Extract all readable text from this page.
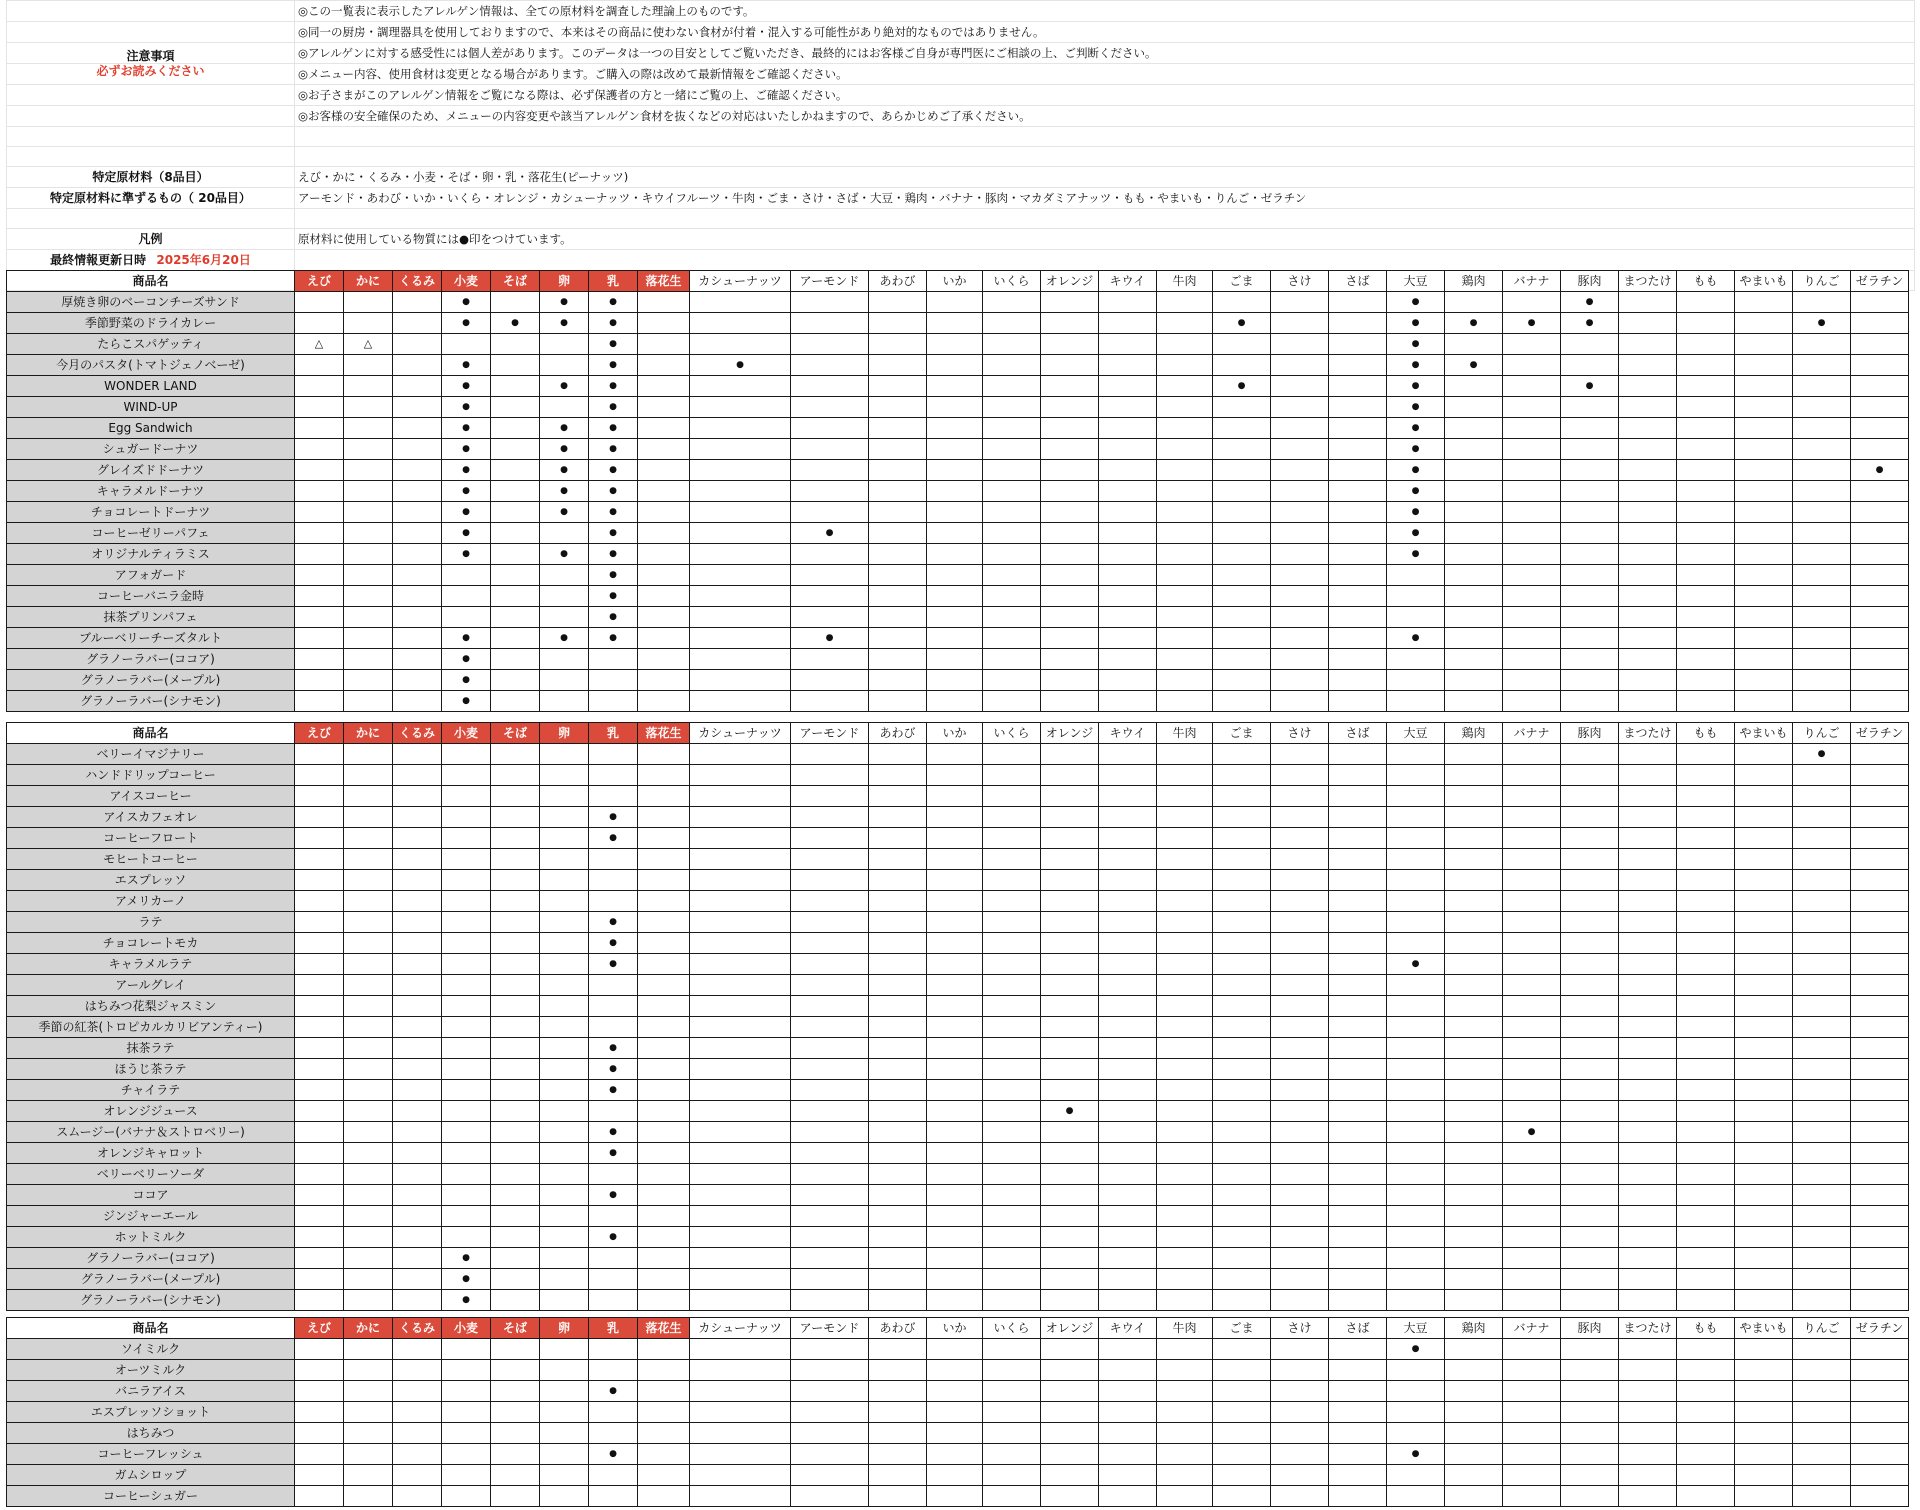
	◎この一覧表に表示したアレルゲン情報は、全ての原材料を調査した理論上のものです。
	◎同一の厨房・調理器具を使用しておりますので、本来はその商品に使わない食材が付着・混入する可能性があり絶対的なものではありません。
注意事項	◎アレルゲンに対する感受性には個人差があります。このデータは一つの目安としてご覧いただき、最終的にはお客様ご自身が専門医にご相談の上、ご判断ください。
必ずお読みください	◎メニュー内容、使用食材は変更となる場合があります。ご購入の際は改めて最新情報をご確認ください。
	◎お子さまがこのアレルゲン情報をご覧になる際は、必ず保護者の方と一緒にご覧の上、ご確認ください。
	◎お客様の安全確保のため、メニューの内容変更や該当アレルゲン食材を抜くなどの対応はいたしかねますので、あらかじめご了承ください。

特定原材料（8品目）	えび・かに・くるみ・小麦・そば・卵・乳・落花生(ピーナッツ)
特定原材料に準ずるもの（ 20品目）	アーモンド・あわび・いか・いくら・オレンジ・カシューナッツ・キウイフルーツ・牛肉・ごま・さけ・さば・大豆・鶏肉・バナナ・豚肉・マカダミアナッツ・もも・やまいも・りんご・ゼラチン

凡例	原材料に使用している物質には●印をつけています。
最終情報更新日時 2025年6月20日	

商品名	えび	かに	くるみ	小麦	そば	卵	乳	落花生	カシューナッツ	アーモンド	あわび	いか	いくら	オレンジ	キウイ	牛肉	ごま	さけ	さば	大豆	鶏肉	バナナ	豚肉	まつたけ	もも	やまいも	りんご	ゼラチン
厚焼き卵のベーコンチーズサンド				●		●	●													●			●					
季節野菜のドライカレー				●	●	●	●										●			●	●	●	●				●	
たらこスパゲッティ	△	△					●													●								
今月のパスタ(トマトジェノベーゼ)				●			●		●											●	●							
WONDER LAND				●		●	●										●			●			●					
WIND-UP				●			●													●								
Egg Sandwich				●		●	●													●								
シュガードーナツ				●		●	●													●								
グレイズドドーナツ				●		●	●													●								●
キャラメルドーナツ				●		●	●													●								
チョコレートドーナツ				●		●	●													●								
コーヒーゼリーパフェ				●			●			●										●								
オリジナルティラミス				●		●	●													●								
アフォガード							●																					
コーヒーバニラ金時							●																					
抹茶プリンパフェ							●																					
ブルーベリーチーズタルト				●		●	●			●										●								
グラノーラバー(ココア)				●																								
グラノーラバー(メープル)				●																								
グラノーラバー(シナモン)				●																								
商品名	えび	かに	くるみ	小麦	そば	卵	乳	落花生	カシューナッツ	アーモンド	あわび	いか	いくら	オレンジ	キウイ	牛肉	ごま	さけ	さば	大豆	鶏肉	バナナ	豚肉	まつたけ	もも	やまいも	りんご	ゼラチン
ベリーイマジナリー																											●	
ハンドドリップコーヒー																												
アイスコーヒー																												
アイスカフェオレ							●																					
コーヒーフロート							●																					
モヒートコーヒー																												
エスプレッソ																												
アメリカーノ																												
ラテ							●																					
チョコレートモカ							●																					
キャラメルラテ							●													●								
アールグレイ																												
はちみつ花梨ジャスミン																												
季節の紅茶(トロピカルカリビアンティー)																												
抹茶ラテ							●																					
ほうじ茶ラテ							●																					
チャイラテ							●																					
オレンジジュース														●														
スムージー(バナナ＆ストロベリー)							●															●						
オレンジキャロット							●																					
ベリーベリーソーダ																												
ココア							●																					
ジンジャーエール																												
ホットミルク							●																					
グラノーラバー(ココア)				●																								
グラノーラバー(メープル)				●																								
グラノーラバー(シナモン)				●																								
商品名	えび	かに	くるみ	小麦	そば	卵	乳	落花生	カシューナッツ	アーモンド	あわび	いか	いくら	オレンジ	キウイ	牛肉	ごま	さけ	さば	大豆	鶏肉	バナナ	豚肉	まつたけ	もも	やまいも	りんご	ゼラチン
ソイミルク																				●								
オーツミルク																												
バニラアイス							●																					
エスプレッソショット																												
はちみつ																												
コーヒーフレッシュ							●													●								
ガムシロップ																												
コーヒーシュガー																												
